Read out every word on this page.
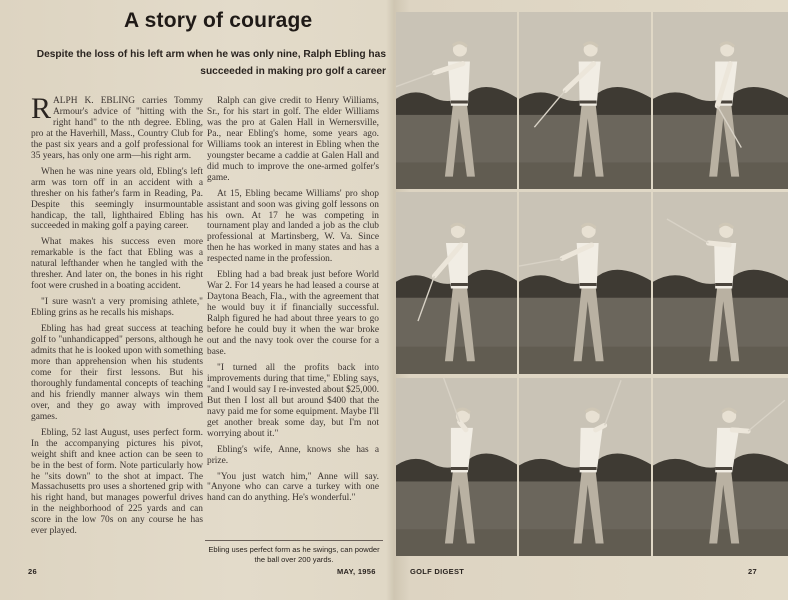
A story of courage
Despite the loss of his left arm when he was only nine, Ralph Ebling has succeeded in making pro golf a career

RALPH K. EBLING carries Tommy Armour's advice of "hitting with the right hand" to the nth degree. Ebling, pro at the Haverhill, Mass., Country Club for the past six years and a golf professional for 35 years, has only one arm—his right arm.

When he was nine years old, Ebling's left arm was torn off in an accident with a thresher on his father's farm in Reading, Pa. Despite this seemingly insurmountable handicap, the tall, lighthaired Ebling has succeeded in making golf a paying career.

What makes his success even more remarkable is the fact that Ebling was a natural lefthander when he tangled with the thresher. And later on, the bones in his right foot were crushed in a boating accident.

"I sure wasn't a very promising athlete," Ebling grins as he recalls his mishaps.

Ebling has had great success at teaching golf to "unhandicapped" persons, although he admits that he is looked upon with something more than apprehension when his students come for their first lessons. But his thoroughly fundamental concepts of teaching and his friendly manner always win them over, and they go away with improved games.

Ebling, 52 last August, uses perfect form. In the accompanying pictures his pivot, weight shift and knee action can be seen to be in the best of form. Note particularly how he "sits down" to the shot at impact. The Massachusetts pro uses a shortened grip with his right hand, but manages powerful drives in the neighborhood of 225 yards and can score in the low 70s on any course he has ever played.

Ralph can give credit to Henry Williams, Sr., for his start in golf. The elder Williams was the pro at Galen Hall in Wernersville, Pa., near Ebling's home, some years ago. Williams took an interest in Ebling when the youngster became a caddie at Galen Hall and did much to improve the one-armed golfer's game.

At 15, Ebling became Williams' pro shop assistant and soon was giving golf lessons on his own. At 17 he was competing in tournament play and landed a job as the club professional at Martinsberg, W. Va. Since then he has worked in many states and has a respected name in the profession.

Ebling had a bad break just before World War 2. For 14 years he had leased a course at Daytona Beach, Fla., with the agreement that he would buy it if financially successful. Ralph figured he had about three years to go before he could buy it when the war broke out and the navy took over the course for a base.

"I turned all the profits back into improvements during that time," Ebling says, "and I would say I re-invested about $25,000. But then I lost all but around $400 that the navy paid me for some equipment. Maybe I'll get another break some day, but I'm not worrying about it."

Ebling's wife, Anne, knows she has a prize.

"You just watch him," Anne will say. "Anyone who can carve a turkey with one hand can do anything. He's wonderful."

Ebling uses perfect form as he swings, can powder the ball over 200 yards.
26	MAY, 1956	GOLF DIGEST	27
